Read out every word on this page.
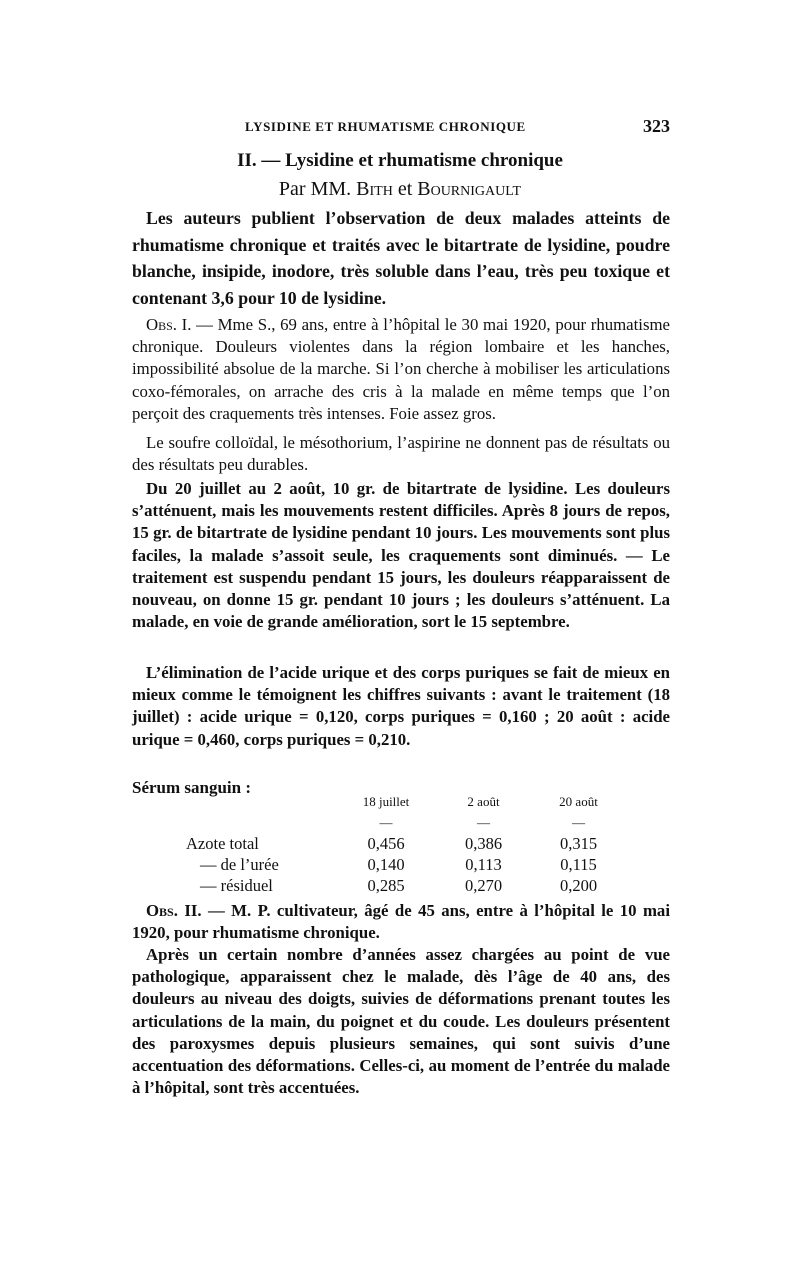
LYSIDINE ET RHUMATISME CHRONIQUE	323
II. — Lysidine et rhumatisme chronique
Par MM. Bith et Bournigault

Les auteurs publient l’observation de deux malades atteints de rhumatisme chronique et traités avec le bitartrate de lysidine, poudre blanche, insipide, inodore, très soluble dans l’eau, très peu toxique et contenant 3,6 pour 10 de lysidine.

Obs. I. — Mme S., 69 ans, entre à l’hôpital le 30 mai 1920, pour rhumatisme chronique. Douleurs violentes dans la région lombaire et les hanches, impossibilité absolue de la marche. Si l’on cherche à mobiliser les articulations coxo-fémorales, on arrache des cris à la malade en même temps que l’on perçoit des craquements très intenses. Foie assez gros.

Le soufre colloïdal, le mésothorium, l’aspirine ne donnent pas de résultats ou des résultats peu durables.

Du 20 juillet au 2 août, 10 gr. de bitartrate de lysidine. Les douleurs s’atténuent, mais les mouvements restent difficiles. Après 8 jours de repos, 15 gr. de bitartrate de lysidine pendant 10 jours. Les mouvements sont plus faciles, la malade s’assoit seule, les craquements sont diminués. — Le traitement est suspendu pendant 15 jours, les douleurs réapparaissent de nouveau, on donne 15 gr. pendant 10 jours ; les douleurs s’atténuent. La malade, en voie de grande amélioration, sort le 15 septembre.

L’élimination de l’acide urique et des corps puriques se fait de mieux en mieux comme le témoignent les chiffres suivants : avant le traitement (18 juillet) : acide urique = 0,120, corps puriques = 0,160 ; 20 août : acide urique = 0,460, corps puriques = 0,210.

Sérum sanguin :
	18 juillet	2 août	20 août
	—	—	—
Azote total	0,456	0,386	0,315
— de l’urée	0,140	0,113	0,115
— résiduel	0,285	0,270	0,200

Obs. II. — M. P. cultivateur, âgé de 45 ans, entre à l’hôpital le 10 mai 1920, pour rhumatisme chronique.

Après un certain nombre d’années assez chargées au point de vue pathologique, apparaissent chez le malade, dès l’âge de 40 ans, des douleurs au niveau des doigts, suivies de déformations prenant toutes les articulations de la main, du poignet et du coude. Les douleurs présentent des paroxysmes depuis plusieurs semaines, qui sont suivis d’une accentuation des déformations. Celles-ci, au moment de l’entrée du malade à l’hôpital, sont très accentuées.
